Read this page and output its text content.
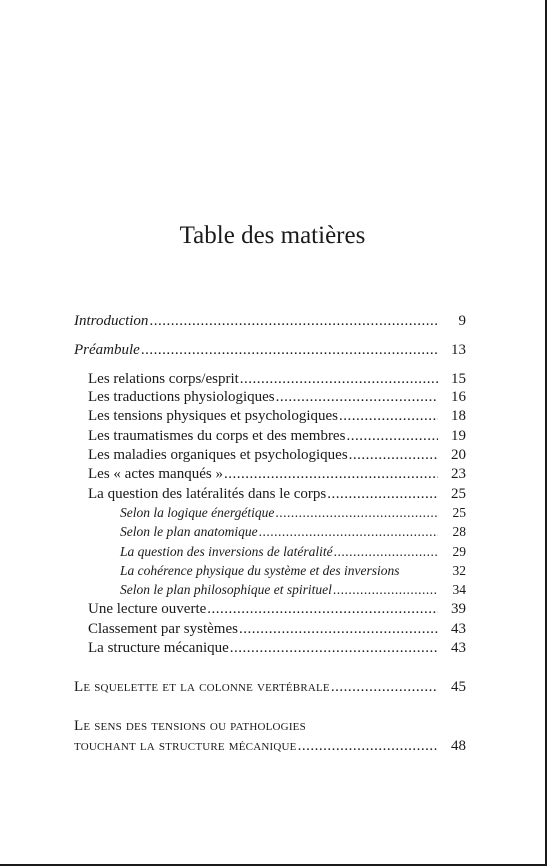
Table des matières
Introduction .....	9
Préambule .....	13
Les relations corps/esprit .....	15
Les traductions physiologiques .....	16
Les tensions physiques et psychologiques .....	18
Les traumatismes du corps et des membres .....	19
Les maladies organiques et psychologiques .....	20
Les « actes manqués » .....	23
La question des latéralités dans le corps .....	25
Selon la logique énergétique .....	25
Selon le plan anatomique .....	28
La question des inversions de latéralité .....	29
La cohérence physique du système et des inversions	32
Selon le plan philosophique et spirituel .....	34
Une lecture ouverte .....	39
Classement par systèmes .....	43
La structure mécanique .....	43
Le squelette et la colonne vertébrale .....	45
Le sens des tensions ou pathologies
touchant la structure mécanique .....	48
